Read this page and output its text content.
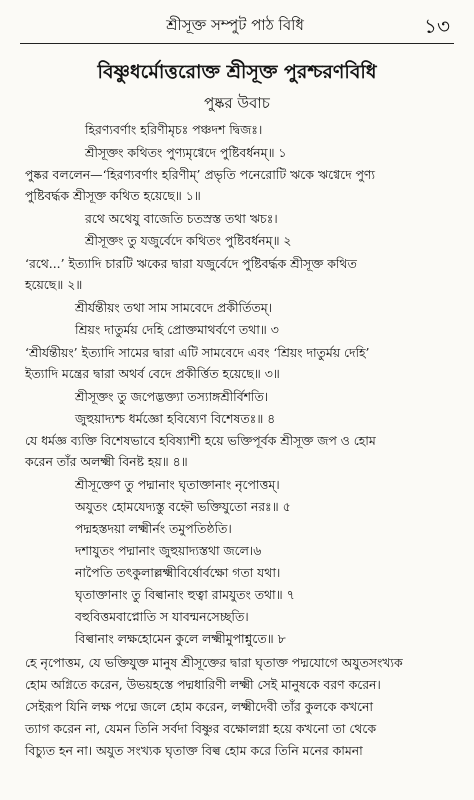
শ্রীসূক্ত সম্পুট পাঠ বিধি	১৩
বিষ্ণুধর্মোত্তরোক্ত শ্রীসূক্ত পুরশ্চরণবিধি
পুষ্কর উবাচ
হিরণ্যবর্ণাং হরিণীমৃচঃ পঞ্চদশ দ্বিজঃ।
শ্রীসূক্তং কথিতং পুণ্যমৃগ্বেদে পুষ্টিবর্ধনম্‌॥ ১
পুষ্কর বললেন—‘হিরণ্যবর্ণাং হরিণীম্‌’ প্রভৃতি পনেরোটি ঋকে ঋগ্বেদে পুণ্য
পুষ্টিবর্দ্ধক শ্রীসূক্ত কথিত হয়েছে॥ ১॥
রথে অথেযু বাজেতি চতস্রস্ত তথা ঋচঃ।
শ্রীসূক্তং তু যজুর্বেদে কথিতং পুষ্টিবর্ধনম্‌॥ ২
‘রথে...’ ইত্যাদি চারটি ঋকের দ্বারা যজুর্বেদে পুষ্টিবর্দ্ধক শ্রীসূক্ত কথিত
হয়েছে॥ ২॥
শ্রীর্যন্তীয়ং তথা সাম সামবেদে প্রকীর্তিতম্‌।
শ্রিয়ং দাতুর্ময় দেহি প্রোক্তমাথর্বণে তথা॥ ৩
‘শ্রীর্যন্তীয়ং’ ইত্যাদি সামের দ্বারা এটি সামবেদে এবং ‘শ্রিয়ং দাতুর্ময় দেহি’
ইত্যাদি মন্ত্রের দ্বারা অথর্ব বেদে প্রকীর্ত্তিত হয়েছে॥ ৩॥
শ্রীসূক্তং তু জপেদ্ভক্ত্যা তস্যাঙ্গশ্রীর্বিশতি।
জুহুয়াদ্যশ্চ ধর্মজ্ঞো হবিষ্যেণ বিশেষতঃ॥ ৪
যে ধর্মজ্ঞ ব্যক্তি বিশেষভাবে হবিষ্যাশী হয়ে ভক্তিপূর্বক শ্রীসূক্ত জপ ও হোম
করেন তাঁর অলক্ষ্মী বিনষ্ট হয়॥ ৪॥
শ্রীসূক্তেণ তু পদ্মানাং ঘৃতাক্তানাং নৃপোত্তম্‌।
অযুতং হোমযেদ্যস্তু বহ্নৌ ভক্তিযুতো নরঃ॥ ৫
পদ্মহস্তদয়া লক্ষ্মীর্নং তমুপতিষ্ঠতি।
দশাযুতং পদ্মানাং জুহুয়াদ্যস্তথা জলে।৬
নাপৈতি তৎকুলাল্লক্ষ্মীবির্ষোর্বক্ষো গতা যথা।
ঘৃতাক্তানাং তু বিল্বানাং হুত্বা রামযুতং তথা॥ ৭
বহুবিত্তমবাপ্নোতি স যাবন্মনসেচ্ছতি।
বিল্বানাং লক্ষহোমেন কুলে লক্ষ্মীমুপাশ্নুতে॥ ৮
হে নৃপোত্তম, যে ভক্তিযুক্ত মানুষ শ্রীসূক্তের দ্বারা ঘৃতাক্ত পদ্মযোগে অযুতসংখ্যক
হোম অগ্নিতে করেন, উভয়হস্তে পদ্মধারিণী লক্ষ্মী সেই মানুষকে বরণ করেন।
সেইরূপ যিনি লক্ষ পদ্মে জলে হোম করেন, লক্ষ্মীদেবী তাঁর কুলকে কখনো
ত্যাগ করেন না, যেমন তিনি সর্বদা বিষ্ণুর বক্ষোলগ্না হয়ে কখনো তা থেকে
বিচ্যুত হন না। অযুত সংখ্যক ঘৃতাক্ত বিল্ব হোম করে তিনি মনের কামনা
